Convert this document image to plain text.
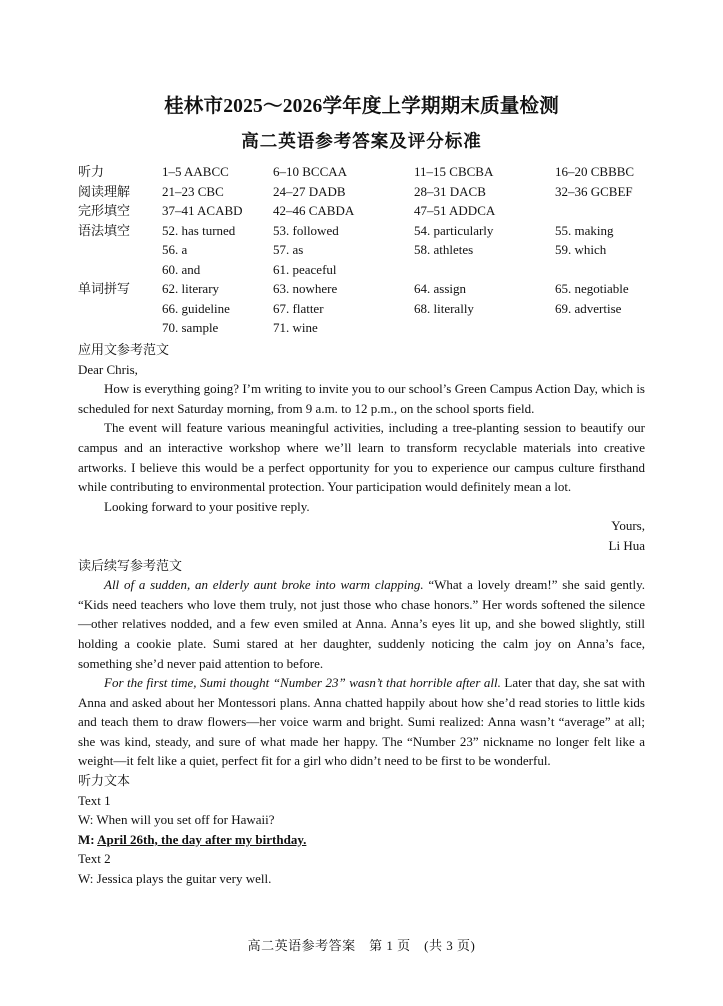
桂林市2025～2026学年度上学期期末质量检测
高二英语参考答案及评分标准
听力	1–5 AABCC	6–10 BCCAA	11–15 CBCBA	16–20 CBBBC
阅读理解	21–23 CBC	24–27 DADB	28–31 DACB	32–36 GCBEF
完形填空	37–41 ACABD	42–46 CABDA	47–51 ADDCA
语法填空	52. has turned	53. followed	54. particularly	55. making
56. a	57. as	58. athletes	59. which
60. and	61. peaceful
单词拼写	62. literary	63. nowhere	64. assign	65. negotiable
66. guideline	67. flatter	68. literally	69. advertise
70. sample	71. wine

应用文参考范文

Dear Chris,

How is everything going? I’m writing to invite you to our school’s Green Campus Action Day, which is scheduled for next Saturday morning, from 9 a.m. to 12 p.m., on the school sports field.

The event will feature various meaningful activities, including a tree-planting session to beautify our campus and an interactive workshop where we’ll learn to transform recyclable materials into creative artworks. I believe this would be a perfect opportunity for you to experience our campus culture firsthand while contributing to environmental protection. Your participation would definitely mean a lot.

Looking forward to your positive reply.

Yours,

Li Hua

读后续写参考范文

All of a sudden, an elderly aunt broke into warm clapping. “What a lovely dream!” she said gently. “Kids need teachers who love them truly, not just those who chase honors.” Her words softened the silence—other relatives nodded, and a few even smiled at Anna. Anna’s eyes lit up, and she bowed slightly, still holding a cookie plate. Sumi stared at her daughter, suddenly noticing the calm joy on Anna’s face, something she’d never paid attention to before.

For the first time, Sumi thought “Number 23” wasn’t that horrible after all. Later that day, she sat with Anna and asked about her Montessori plans. Anna chatted happily about how she’d read stories to little kids and teach them to draw flowers—her voice warm and bright. Sumi realized: Anna wasn’t “average” at all; she was kind, steady, and sure of what made her happy. The “Number 23” nickname no longer felt like a weight—it felt like a quiet, perfect fit for a girl who didn’t need to be first to be wonderful.

听力文本

Text 1

W: When will you set off for Hawaii?

M: April 26th, the day after my birthday.

Text 2

W: Jessica plays the guitar very well.

高二英语参考答案　第 1 页　(共 3 页)
